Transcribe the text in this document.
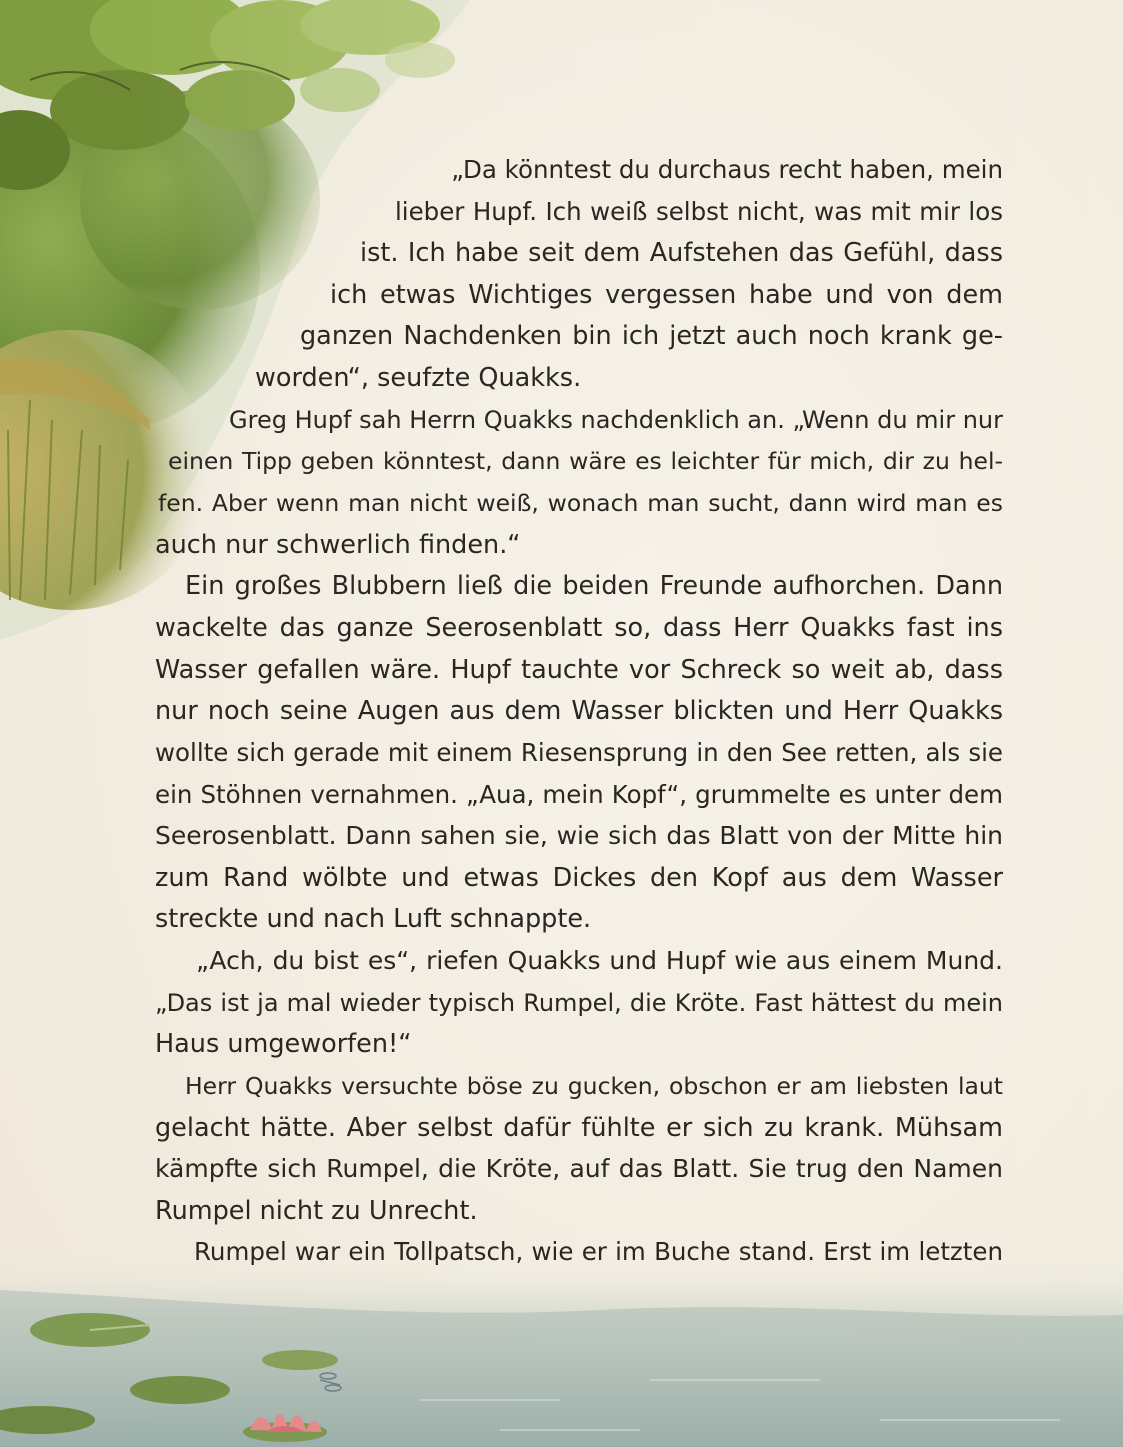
„Da könntest du durchaus recht haben, mein
lieber Hupf. Ich weiß selbst nicht, was mit mir los
ist. Ich habe seit dem Aufstehen das Gefühl, dass
ich etwas Wichtiges vergessen habe und von dem
ganzen Nachdenken bin ich jetzt auch noch krank ge-
worden“, seufzte Quakks.
Greg Hupf sah Herrn Quakks nachdenklich an. „Wenn du mir nur
einen Tipp geben könntest, dann wäre es leichter für mich, dir zu hel-
fen. Aber wenn man nicht weiß, wonach man sucht, dann wird man es
auch nur schwerlich finden.“
Ein großes Blubbern ließ die beiden Freunde aufhorchen. Dann
wackelte das ganze Seerosenblatt so, dass Herr Quakks fast ins
Wasser gefallen wäre. Hupf tauchte vor Schreck so weit ab, dass
nur noch seine Augen aus dem Wasser blickten und Herr Quakks
wollte sich gerade mit einem Riesensprung in den See retten, als sie
ein Stöhnen vernahmen. „Aua, mein Kopf“, grummelte es unter dem
Seerosenblatt. Dann sahen sie, wie sich das Blatt von der Mitte hin
zum Rand wölbte und etwas Dickes den Kopf aus dem Wasser
streckte und nach Luft schnappte.
„Ach, du bist es“, riefen Quakks und Hupf wie aus einem Mund.
„Das ist ja mal wieder typisch Rumpel, die Kröte. Fast hättest du mein
Haus umgeworfen!“
Herr Quakks versuchte böse zu gucken, obschon er am liebsten laut
gelacht hätte. Aber selbst dafür fühlte er sich zu krank. Mühsam
kämpfte sich Rumpel, die Kröte, auf das Blatt. Sie trug den Namen
Rumpel nicht zu Unrecht.
Rumpel war ein Tollpatsch, wie er im Buche stand. Erst im letzten
